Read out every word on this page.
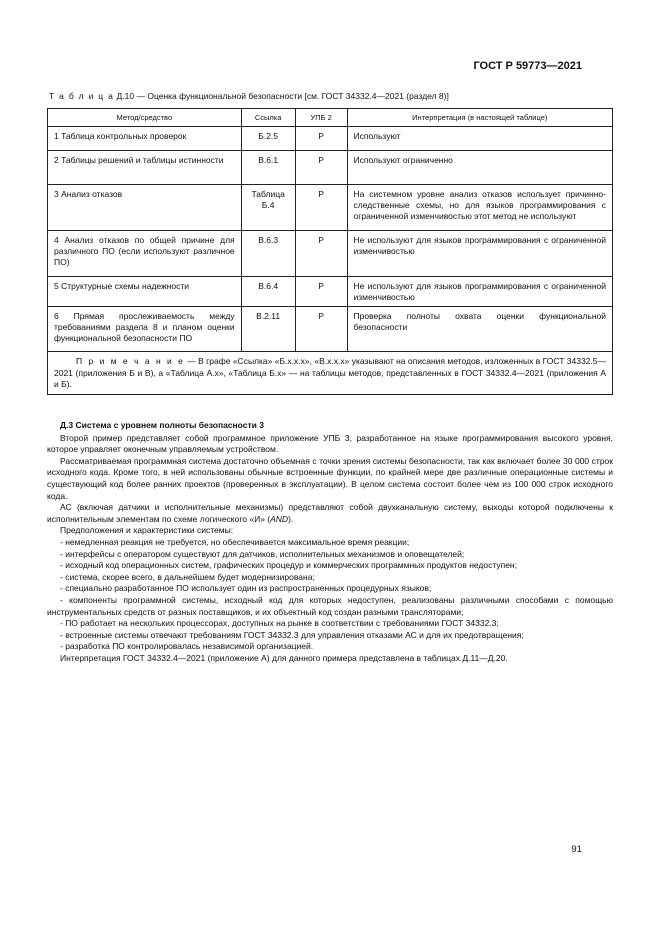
ГОСТ Р 59773—2021
Т а б л и ц а Д.10 — Оценка функциональной безопасности [см. ГОСТ 34332.4—2021 (раздел 8)]
Метод/средство	Ссылка	УПБ 2	Интерпретация (в настоящей таблице)
1 Таблица контрольных проверок	Б.2.5	Р	Используют
2 Таблицы решений и таблицы истинности	В.6.1	Р	Используют ограниченно
3 Анализ отказов	Таблица Б.4	Р	На системном уровне анализ отказов использует причинно-следственные схемы, но для языков программирования с ограниченной изменчивостью этот метод не используют
4 Анализ отказов по общей причине для различного ПО (если используют различное ПО)	В.6.3	Р	Не используют для языков программирования с ограниченной изменчивостью
5 Структурные схемы надежности	В.6.4	Р	Не используют для языков программирования с ограниченной изменчивостью
6 Прямая прослеживаемость между требованиями раздела 8 и планом оценки функциональной безопасности ПО	В.2.11	Р	Проверка полноты охвата оценки функциональной безопасности
П р и м е ч а н и е — В графе «Ссылка» «Б.х.х.х», «В.х.х.х» указывают на описания методов, изложенных в ГОСТ 34332.5—2021 (приложения Б и В), а «Таблица А.х», «Таблица Б.х» — на таблицы методов, представленных в ГОСТ 34332.4—2021 (приложения А и Б).			

Д.3 Система с уровнем полноты безопасности 3

Второй пример представляет собой программное приложение УПБ 3, разработанное на языке программирования высокого уровня, которое управляет оконечным управляемым устройством.

Рассматриваемая программная система достаточно объемная с точки зрения системы безопасности, так как включает более 30 000 строк исходного кода. Кроме того, в ней использованы обычные встроенные функции, по крайней мере две различные операционные системы и существующий код более ранних проектов (проверенных в эксплуатации). В целом система состоит более чем из 100 000 строк исходного кода.

АС (включая датчики и исполнительные механизмы) представляют собой двухканальную систему, выходы которой подключены к исполнительным элементам по схеме логического «И» (AND).

Предположения и характеристики системы:

- немедленная реакция не требуется, но обеспечивается максимальное время реакции;

- интерфейсы с оператором существуют для датчиков, исполнительных механизмов и оповещателей;

- исходный код операционных систем, графических процедур и коммерческих программных продуктов недоступен;

- система, скорее всего, в дальнейшем будет модернизирована;

- специально разработанное ПО использует один из распространенных процедурных языков;

- компоненты программной системы, исходный код для которых недоступен, реализованы различными способами с помощью инструментальных средств от разных поставщиков, и их объектный код создан разными трансляторами;

- ПО работает на нескольких процессорах, доступных на рынке в соответствии с требованиями ГОСТ 34332.3;

- встроенные системы отвечают требованиям ГОСТ 34332.3 для управления отказами АС и для их предотвращения;

- разработка ПО контролировалась независимой организацией.

Интерпретация ГОСТ 34332.4—2021 (приложение А) для данного примера представлена в таблицах Д.11—Д.20.

91
